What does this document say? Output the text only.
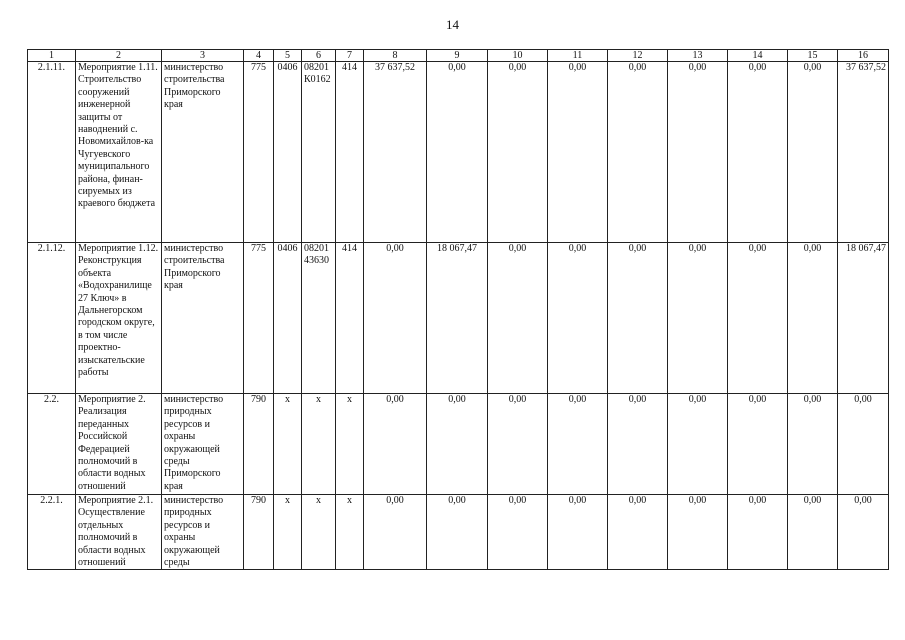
14
1	2	3	4	5	6	7	8	9	10	11	12	13	14	15	16
2.1.11.	Мероприятие 1.11. Строительство сооружений инженерной защиты от наводнений с. Новомихайлов-ка Чугуевского муниципального района, финан-сируемых из краевого бюджета	министерство строительства Приморского края	775	0406	08201 К0162	414	37 637,52	0,00	0,00	0,00	0,00	0,00	0,00	0,00	37 637,52
2.1.12.	Мероприятие 1.12. Реконструкция объекта «Водохранилище 27 Ключ» в Дальнегорском городском округе, в том числе проектно-изыскательские работы	министерство строительства Приморского края	775	0406	08201 43630	414	0,00	18 067,47	0,00	0,00	0,00	0,00	0,00	0,00	18 067,47
2.2.	Мероприятие 2. Реализация переданных Российской Федерацией полномочий в области водных отношений	министерство природных ресурсов и охраны окружающей среды Приморского края	790	х	х	х	0,00	0,00	0,00	0,00	0,00	0,00	0,00	0,00	0,00
2.2.1.	Мероприятие 2.1. Осуществление отдельных полномочий в области водных отношений	министерство природных ресурсов и охраны окружающей среды	790	х	х	х	0,00	0,00	0,00	0,00	0,00	0,00	0,00	0,00	0,00
